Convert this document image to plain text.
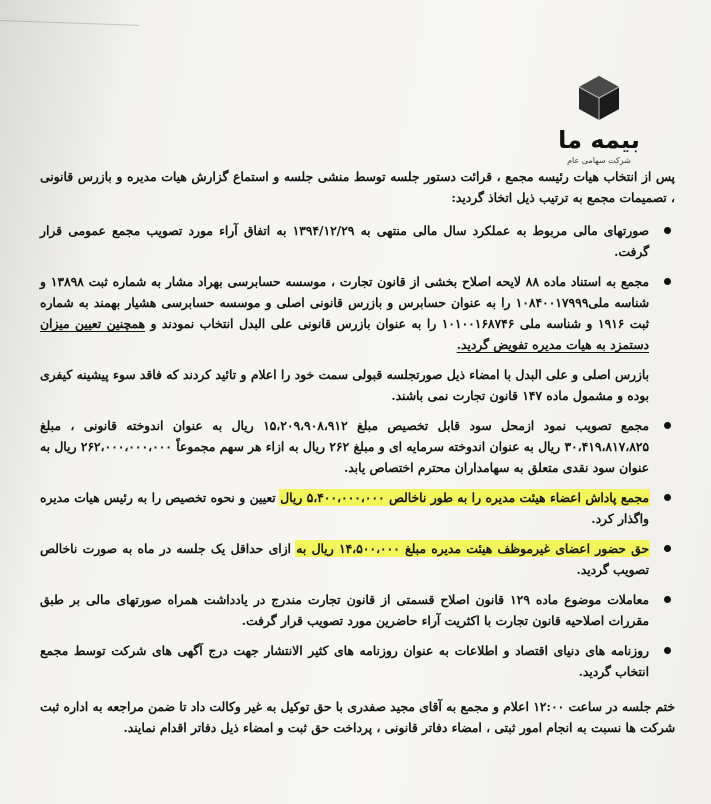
بیمه ما
شرکت سهامی عام

پس از انتخاب هیات رئیسه مجمع ، قرائت دستور جلسه توسط منشی جلسه و استماع گزارش هیات مدیره و بازرس قانونی ، تصمیمات مجمع به ترتیب ذیل اتخاذ گردید:

صورتهای مالی مربوط به عملکرد سال مالی منتهی به ۱۳۹۴/۱۲/۲۹ به اتفاق آراء مورد تصویب مجمع عمومی قرار گرفت.
مجمع به استناد ماده ۸۸ لایحه اصلاح بخشی از قانون تجارت ، موسسه حسابرسی بهراد مشار به شماره ثبت ۱۳۸۹۸ و شناسه ملی۱۰۸۴۰۰۱۷۹۹۹ را به عنوان حسابرس و بازرس قانونی اصلی و موسسه حسابرسی هشیار بهمند به شماره ثبت ۱۹۱۶ و شناسه ملی ۱۰۱۰۰۱۶۸۷۴۶ را به عنوان بازرس قانونی علی البدل انتخاب نمودند و همچنین تعیین میزان دستمزد به هیات مدیره تفویض گردید.
بازرس اصلی و علی البدل با امضاء ذیل صورتجلسه قبولی سمت خود را اعلام و تائید کردند که فاقد سوء پیشینه کیفری بوده و مشمول ماده ۱۴۷ قانون تجارت نمی باشند.
مجمع تصویب نمود ازمحل سود قابل تخصیص مبلغ ۱۵،۲۰۹،۹۰۸،۹۱۲ ریال به عنوان اندوخته قانونی ، مبلغ ۳۰،۴۱۹،۸۱۷،۸۲۵ ریال به عنوان اندوخته سرمایه ای و مبلغ ۲۶۲ ریال به ازاء هر سهم مجموعاً ۲۶۲،۰۰۰،۰۰۰،۰۰۰ ریال به عنوان سود نقدی متعلق به سهامداران محترم اختصاص یابد.
مجمع پاداش اعضاء هیئت مدیره را به طور ناخالص ۵،۴۰۰،۰۰۰،۰۰۰ ریال تعیین و نحوه تخصیص را به رئیس هیات مدیره واگذار کرد.
حق حضور اعضای غیرموظف هیئت مدیره مبلغ ۱۴،۵۰۰،۰۰۰ ریال به ازای حداقل یک جلسه در ماه به صورت ناخالص تصویب گردید.
معاملات موضوع ماده ۱۲۹ قانون اصلاح قسمتی از قانون تجارت مندرج در یادداشت همراه صورتهای مالی بر طبق مقررات اصلاحیه قانون تجارت با اکثریت آراء حاضرین مورد تصویب قرار گرفت.
روزنامه های دنیای اقتصاد و اطلاعات به عنوان روزنامه های کثیر الانتشار جهت درج آگهی های شرکت توسط مجمع انتخاب گردید.

ختم جلسه در ساعت ۱۲:۰۰ اعلام و مجمع به آقای مجید صفدری با حق توکیل به غیر وکالت داد تا ضمن مراجعه به اداره ثبت شرکت ها نسبت به انجام امور ثبتی ، امضاء دفاتر قانونی ، پرداخت حق ثبت و امضاء ذیل دفاتر اقدام نمایند.
